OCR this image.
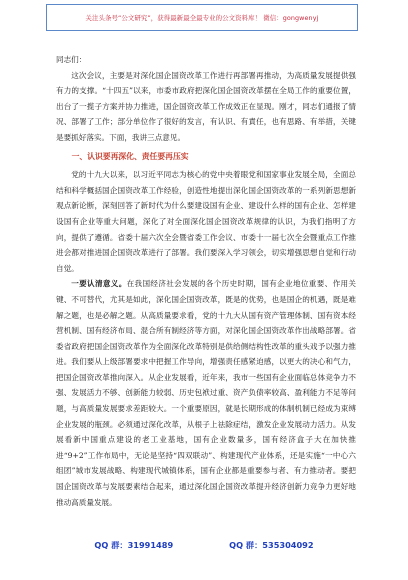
关注头条号“公文研究”，获得最新最全最专业的公文资料库！ 微信：gongwenyj

同志们：

这次会议，主要是对深化国企国资改革工作进行再部署再推动，为高质量发展提供强有力的支撑。“十四五”以来，市委市政府把深化国企国资改革摆在全局工作的重要位置，出台了一揽子方案并协力推进，国企国资改革工作成效正在显现。刚才，同志们通报了情况、部署了工作；部分单位作了很好的发言，有认识、有責任，也有思路、有举措，关键是要抓好落实。下面，我讲三点意见。

一、认识要再深化、责任要再压实

党的十九大以来，以习近平同志为核心的党中央着眼党和国家事业发展全局，全面总结和科学概括国企国资改革工作经验，创造性地提出深化国企国资改革的一系列新思想新观点新论断，深刻回答了新时代为什么要建设国有企业、建设什么样的国有企业、怎样建设国有企业等重大问题，深化了对全面深化国企国资改革规律的认识，为我们指明了方向，提供了遵循。省委十届六次全会暨省委工作会议、市委十一届七次全会暨重点工作推进会都对推进国企国资改革进行了部署。我们要深入学习领会，切实增强思想自觉和行动自觉。

一要认清意义。在我国经济社会发展的各个历史时期，国有企业地位重要、作用关键、不可替代，尤其是如此，深化国企国资改革，既是的优势，也是国企的机遇，既是难解之题，也是必解之题。从高质量要求看，党的十九大从国有资产管理体制、国有资本经营机制、国有经济布局、混合所有制经济等方面，对深化国企国资改革作出战略部署。省委省政府把国企国资改革作为全面深化改革特别是供给侧结构性改革的重头戏予以强力推进。我们要从上级部署要求中把握工作导向，增强责任感紧迫感，以更大的决心和气力，把国企国资改革推向深入。从企业发展看，近年来，我市一些国有企业面临总体竞争力不强、发展活力不够、创新能力较弱、历史包袱过重、资产负债率较高、盈利能力不足等问题，与高质量发展要求差距较大。一个重要原因，就是长期形成的体制机制已经成为束缚企业发展的瓶颈。必须通过深化改革，从根子上祛除症结，激发企业发展动力活力。从发展看新中国重点建设的老工业基地，国有企业数量多，国有经济盒子大在加快推进“9+2”工作布局中，无论是坚持“四双联动”、构建现代产业体系，还是实施“一中心六组团”城市发展战略、构建现代城镇体系，国有企业都是重要参与者、有力推动者。要把国企国资改革与发展要素结合起来，通过深化国企国资改革提升经济创新力竞争力更好地推动高质量发展。

QQ 群：31991489	QQ 群：535304092
